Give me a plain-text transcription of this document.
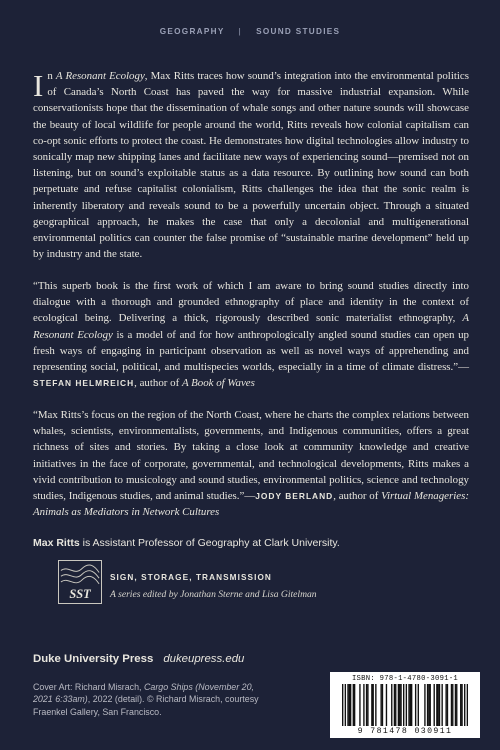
GEOGRAPHY | SOUND STUDIES
In A Resonant Ecology, Max Ritts traces how sound’s integration into the environmental politics of Canada’s North Coast has paved the way for massive industrial expansion. While conservationists hope that the dissemination of whale songs and other nature sounds will showcase the beauty of local wildlife for people around the world, Ritts reveals how colonial capitalism can co-opt sonic efforts to protect the coast. He demonstrates how digital technologies allow industry to sonically map new shipping lanes and facilitate new ways of experiencing sound—premised not on listening, but on sound’s exploitable status as a data resource. By outlining how sound can both perpetuate and refuse capitalist colonialism, Ritts challenges the idea that the sonic realm is inherently liberatory and reveals sound to be a powerfully uncertain object. Through a situated geographical approach, he makes the case that only a decolonial and multigenerational environmental politics can counter the false promise of “sustainable marine development” held up by industry and the state.
“This superb book is the first work of which I am aware to bring sound studies directly into dialogue with a thorough and grounded ethnography of place and identity in the context of ecological being. Delivering a thick, rigorously described sonic materialist ethnography, A Resonant Ecology is a model of and for how anthropologically angled sound studies can open up fresh ways of engaging in participant observation as well as novel ways of apprehending and representing social, political, and multispecies worlds, especially in a time of climate distress.”—STEFAN HELMREICH, author of A Book of Waves
“Max Ritts’s focus on the region of the North Coast, where he charts the complex relations between whales, scientists, environmentalists, governments, and Indigenous communities, offers a great richness of sites and stories. By taking a close look at community knowledge and creative initiatives in the face of corporate, governmental, and technological developments, Ritts makes a vivid contribution to musicology and sound studies, environmental politics, science and technology studies, Indigenous studies, and animal studies.”—JODY BERLAND, author of Virtual Menageries: Animals as Mediators in Network Cultures
Max Ritts is Assistant Professor of Geography at Clark University.
SST
SIGN, STORAGE, TRANSMISSION
A series edited by Jonathan Sterne and Lisa Gitelman
Duke University Press dukeupress.edu
Cover Art: Richard Misrach, Cargo Ships (November 20, 2021 6:33am), 2022 (detail). © Richard Misrach, courtesy Fraenkel Gallery, San Francisco.
ISBN: 978-1-4780-3091-1
9 781478 030911
